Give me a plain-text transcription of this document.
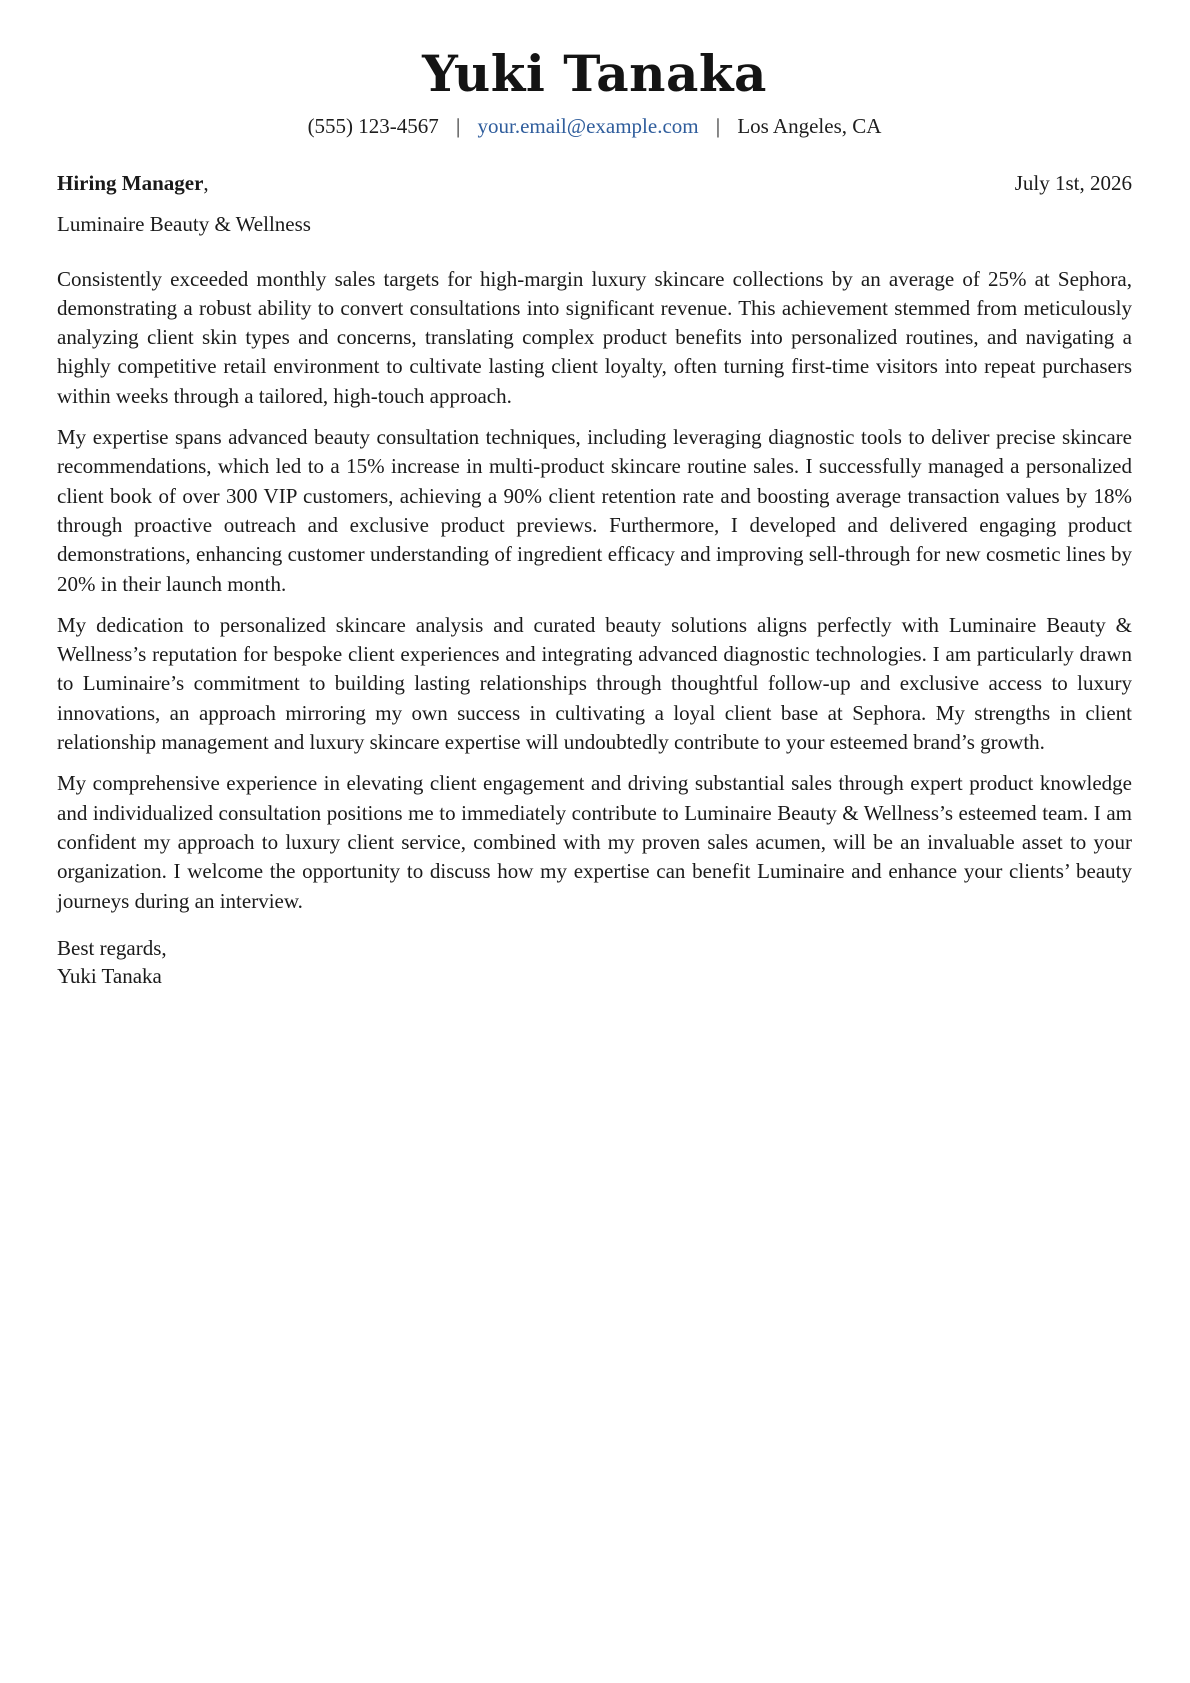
Yuki Tanaka
(555) 123-4567 | your.email@example.com | Los Angeles, CA
Hiring Manager,	July 1st, 2026
Luminaire Beauty & Wellness

Consistently exceeded monthly sales targets for high-margin luxury skincare collections by an average of 25% at Sephora, demonstrating a robust ability to convert consultations into significant revenue. This achievement stemmed from meticulously analyzing client skin types and concerns, translating complex product benefits into personalized routines, and navigating a highly competitive retail environment to cultivate lasting client loyalty, often turning first-time visitors into repeat purchasers within weeks through a tailored, high-touch approach.

My expertise spans advanced beauty consultation techniques, including leveraging diagnostic tools to deliver precise skincare recommendations, which led to a 15% increase in multi-product skincare routine sales. I successfully managed a personalized client book of over 300 VIP customers, achieving a 90% client retention rate and boosting average transaction values by 18% through proactive outreach and exclusive product previews. Furthermore, I developed and delivered engaging product demonstrations, enhancing customer understanding of ingredient efficacy and improving sell-through for new cosmetic lines by 20% in their launch month.

My dedication to personalized skincare analysis and curated beauty solutions aligns perfectly with Luminaire Beauty & Wellness’s reputation for bespoke client experiences and integrating advanced diagnostic technologies. I am particularly drawn to Luminaire’s commitment to building lasting relationships through thoughtful follow-up and exclusive access to luxury innovations, an approach mirroring my own success in cultivating a loyal client base at Sephora. My strengths in client relationship management and luxury skincare expertise will undoubtedly contribute to your esteemed brand’s growth.

My comprehensive experience in elevating client engagement and driving substantial sales through expert product knowledge and individualized consultation positions me to immediately contribute to Luminaire Beauty & Wellness’s esteemed team. I am confident my approach to luxury client service, combined with my proven sales acumen, will be an invaluable asset to your organization. I welcome the opportunity to discuss how my expertise can benefit Luminaire and enhance your clients’ beauty journeys during an interview.

Best regards,
Yuki Tanaka
